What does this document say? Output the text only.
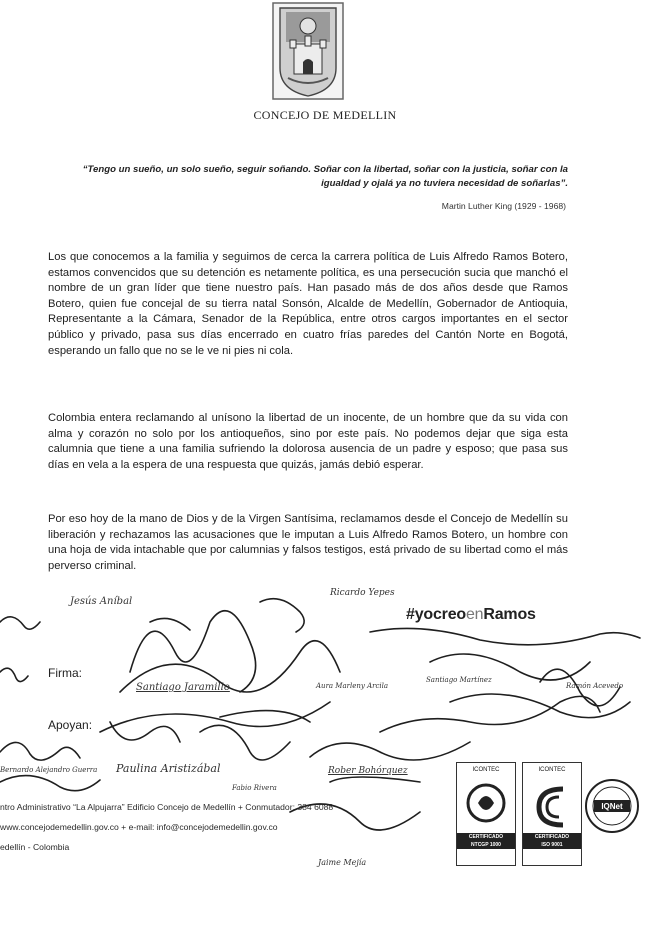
CONCEJO DE MEDELLIN
“Tengo un sueño, un solo sueño, seguir soñando. Soñar con la libertad, soñar con la justicia, soñar con la igualdad y ojalá ya no tuviera necesidad de soñarlas”.
Martin Luther King (1929 - 1968)
Los que conocemos a la familia y seguimos de cerca la carrera política de Luis Alfredo Ramos Botero, estamos convencidos que su detención es netamente política, es una persecución sucia que manchó el nombre de un gran líder que tiene nuestro país. Han pasado más de dos años desde que Ramos Botero, quien fue concejal de su tierra natal Sonsón, Alcalde de Medellín, Gobernador de Antioquia, Representante a la Cámara, Senador de la República, entre otros cargos importantes en el sector público y privado, pasa sus días encerrado en cuatro frías paredes del Cantón Norte en Bogotá, esperando un fallo que no se le ve ni pies ni cola.
Colombia entera reclamando al unísono la libertad de un inocente, de un hombre que da su vida con alma y corazón no solo por los antioqueños, sino por este país. No podemos dejar que siga esta calumnia que tiene a una familia sufriendo la dolorosa ausencia de un padre y esposo; que pasa sus días en vela a la espera de una respuesta que quizás, jamás debió esperar.
Por eso hoy de la mano de Dios y de la Virgen Santísima, reclamamos desde el Concejo de Medellín su liberación y rechazamos las acusaciones que le imputan a Luis Alfredo Ramos Botero, un hombre con una hoja de vida intachable que por calumnias y falsos testigos, está privado de su libertad como el más perverso criminal.
Jesús Aníbal
Ricardo Yepes
Santiago Jaramillo	Aura Marleny Arcila
Santiago Martínez
Ramón Acevedo
Paulina Aristizábal
Fabio Rivera
Rober Bohórquez
Bernardo Alejandro Guerra
Jaime Mejía
#yocreoenRamos
Firma:
Apoyan:
ntro Administrativo “La Alpujarra” Edificio Concejo de Medellín + Conmutador: 384 6088
www.concejodemedellin.gov.co + e-mail: info@concejodemedellin.gov.co
edellín - Colombia
ICONTEC
CERTIFICADO
NTCGP 1000
ICONTEC
CERTIFICADO
ISO 9001
IQNet
